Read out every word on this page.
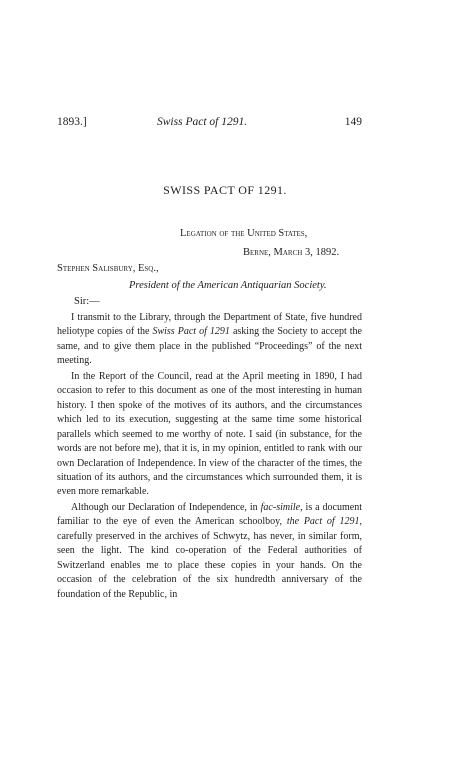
1893.]	Swiss Pact of 1291.	149
SWISS PACT OF 1291.
Legation of the United States,
Berne, March 3, 1892.
Stephen Salisbury, Esq.,
President of the American Antiquarian Society.
Sir:—

I transmit to the Library, through the Department of State, five hundred heliotype copies of the Swiss Pact of 1291 asking the Society to accept the same, and to give them place in the published “Proceedings” of the next meeting.

In the Report of the Council, read at the April meeting in 1890, I had occasion to refer to this document as one of the most interesting in human history. I then spoke of the motives of its authors, and the circumstances which led to its execution, suggesting at the same time some historical parallels which seemed to me worthy of note. I said (in substance, for the words are not before me), that it is, in my opinion, entitled to rank with our own Declaration of Independence. In view of the character of the times, the situation of its authors, and the circumstances which surrounded them, it is even more remarkable.

Although our Declaration of Independence, in fac-simile, is a document familiar to the eye of even the American schoolboy, the Pact of 1291, carefully preserved in the archives of Schwytz, has never, in similar form, seen the light. The kind co-operation of the Federal authorities of Switzerland enables me to place these copies in your hands. On the occasion of the celebration of the six hundredth anniversary of the foundation of the Republic, in
